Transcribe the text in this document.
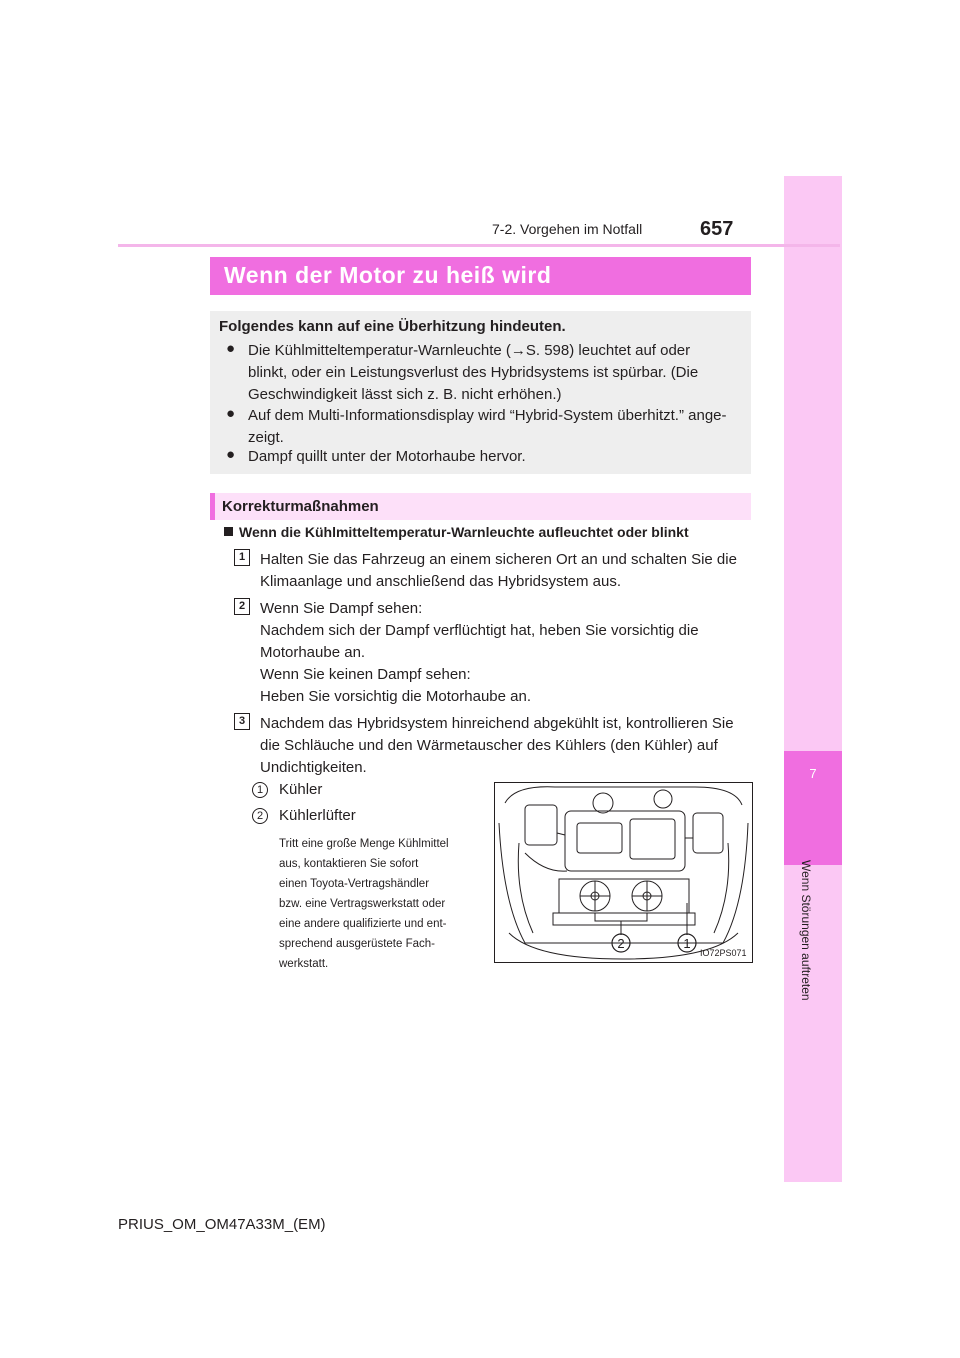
7
Wenn Störungen auftreten
7-2. Vorgehen im Notfall	657
Wenn der Motor zu heiß wird
Folgendes kann auf eine Überhitzung hindeuten.
● Die Kühlmitteltemperatur-Warnleuchte (→S. 598) leuchtet auf oder
blinkt, oder ein Leistungsverlust des Hybridsystems ist spürbar. (Die
Geschwindigkeit lässt sich z. B. nicht erhöhen.)
● Auf dem Multi-Informationsdisplay wird “Hybrid-System überhitzt.” ange-
zeigt.
● Dampf quillt unter der Motorhaube hervor.
Korrekturmaßnahmen
Wenn die Kühlmitteltemperatur-Warnleuchte aufleuchtet oder blinkt
1 Halten Sie das Fahrzeug an einem sicheren Ort an und schalten Sie die
Klimaanlage und anschließend das Hybridsystem aus.
2 Wenn Sie Dampf sehen:
Nachdem sich der Dampf verflüchtigt hat, heben Sie vorsichtig die
Motorhaube an.
Wenn Sie keinen Dampf sehen:
Heben Sie vorsichtig die Motorhaube an.
3 Nachdem das Hybridsystem hinreichend abgekühlt ist, kontrollieren Sie
die Schläuche und den Wärmetauscher des Kühlers (den Kühler) auf
Undichtigkeiten.
1	Kühler
2	Kühlerlüfter
Tritt eine große Menge Kühlmittel
aus, kontaktieren Sie sofort
einen Toyota-Vertragshändler
bzw. eine Vertragswerkstatt oder
eine andere qualifizierte und ent-
sprechend ausgerüstete Fach-
werkstatt.
2	1
IO72PS071
PRIUS_OM_OM47A33M_(EM)
